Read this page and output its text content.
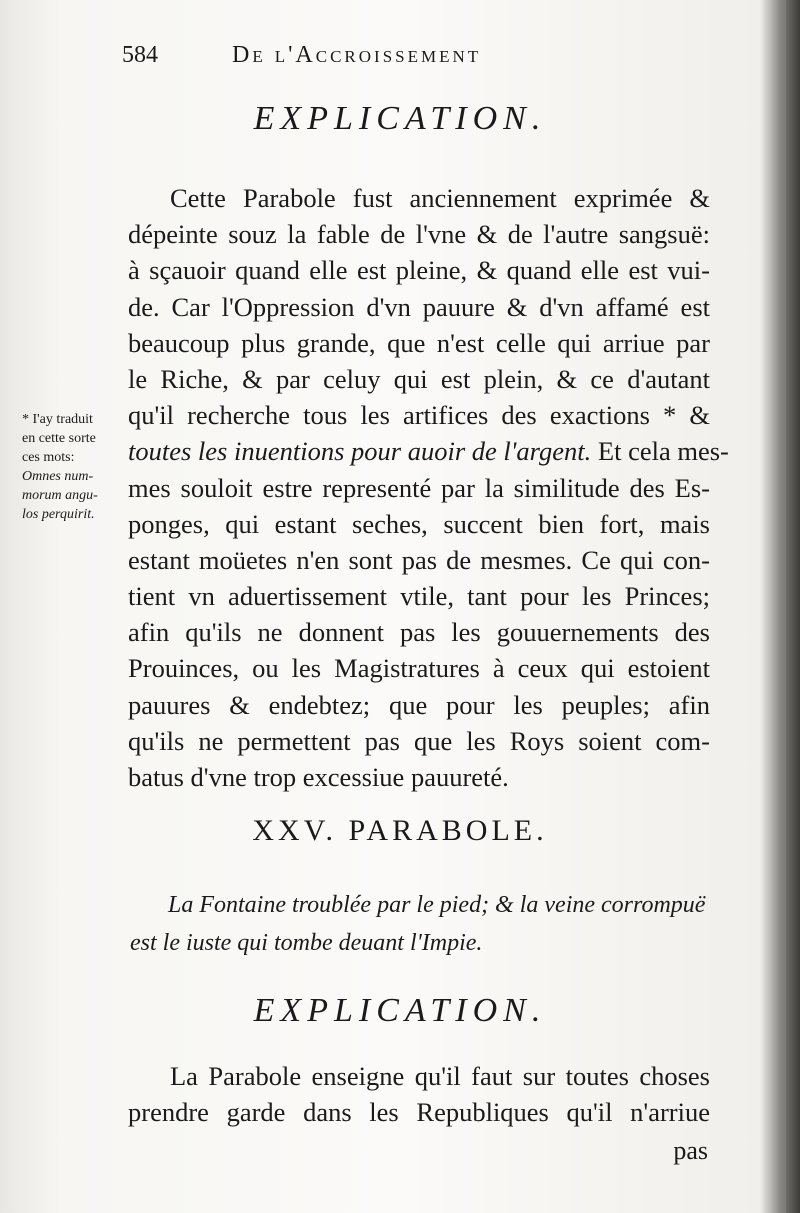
584	De l'Accroissement
EXPLICATION.
Cette Parabole fust anciennement exprimée &
dépeinte souz la fable de l'vne & de l'autre sangsuë:
à sçauoir quand elle est pleine, & quand elle est vui-
de. Car l'Oppression d'vn pauure & d'vn affamé est
beaucoup plus grande, que n'est celle qui arriue par
le Riche, & par celuy qui est plein, & ce d'autant
qu'il recherche tous les artifices des exactions * &
toutes les inuentions pour auoir de l'argent. Et cela mes-
mes souloit estre representé par la similitude des Es-
ponges, qui estant seches, succent bien fort, mais
estant moüetes n'en sont pas de mesmes. Ce qui con-
tient vn aduertissement vtile, tant pour les Princes;
afin qu'ils ne donnent pas les gouuernements des
Prouinces, ou les Magistratures à ceux qui estoient
pauures & endebtez; que pour les peuples; afin
qu'ils ne permettent pas que les Roys soient com-
batus d'vne trop excessiue pauureté.
* I'ay traduit
en cette sorte
ces mots:
Omnes num-
morum angu-
los perquirit.
XXV. PARABOLE.
La Fontaine troublée par le pied; & la veine corrompuë
est le iuste qui tombe deuant l'Impie.
EXPLICATION.
La Parabole enseigne qu'il faut sur toutes choses
prendre garde dans les Republiques qu'il n'arriue
pas
